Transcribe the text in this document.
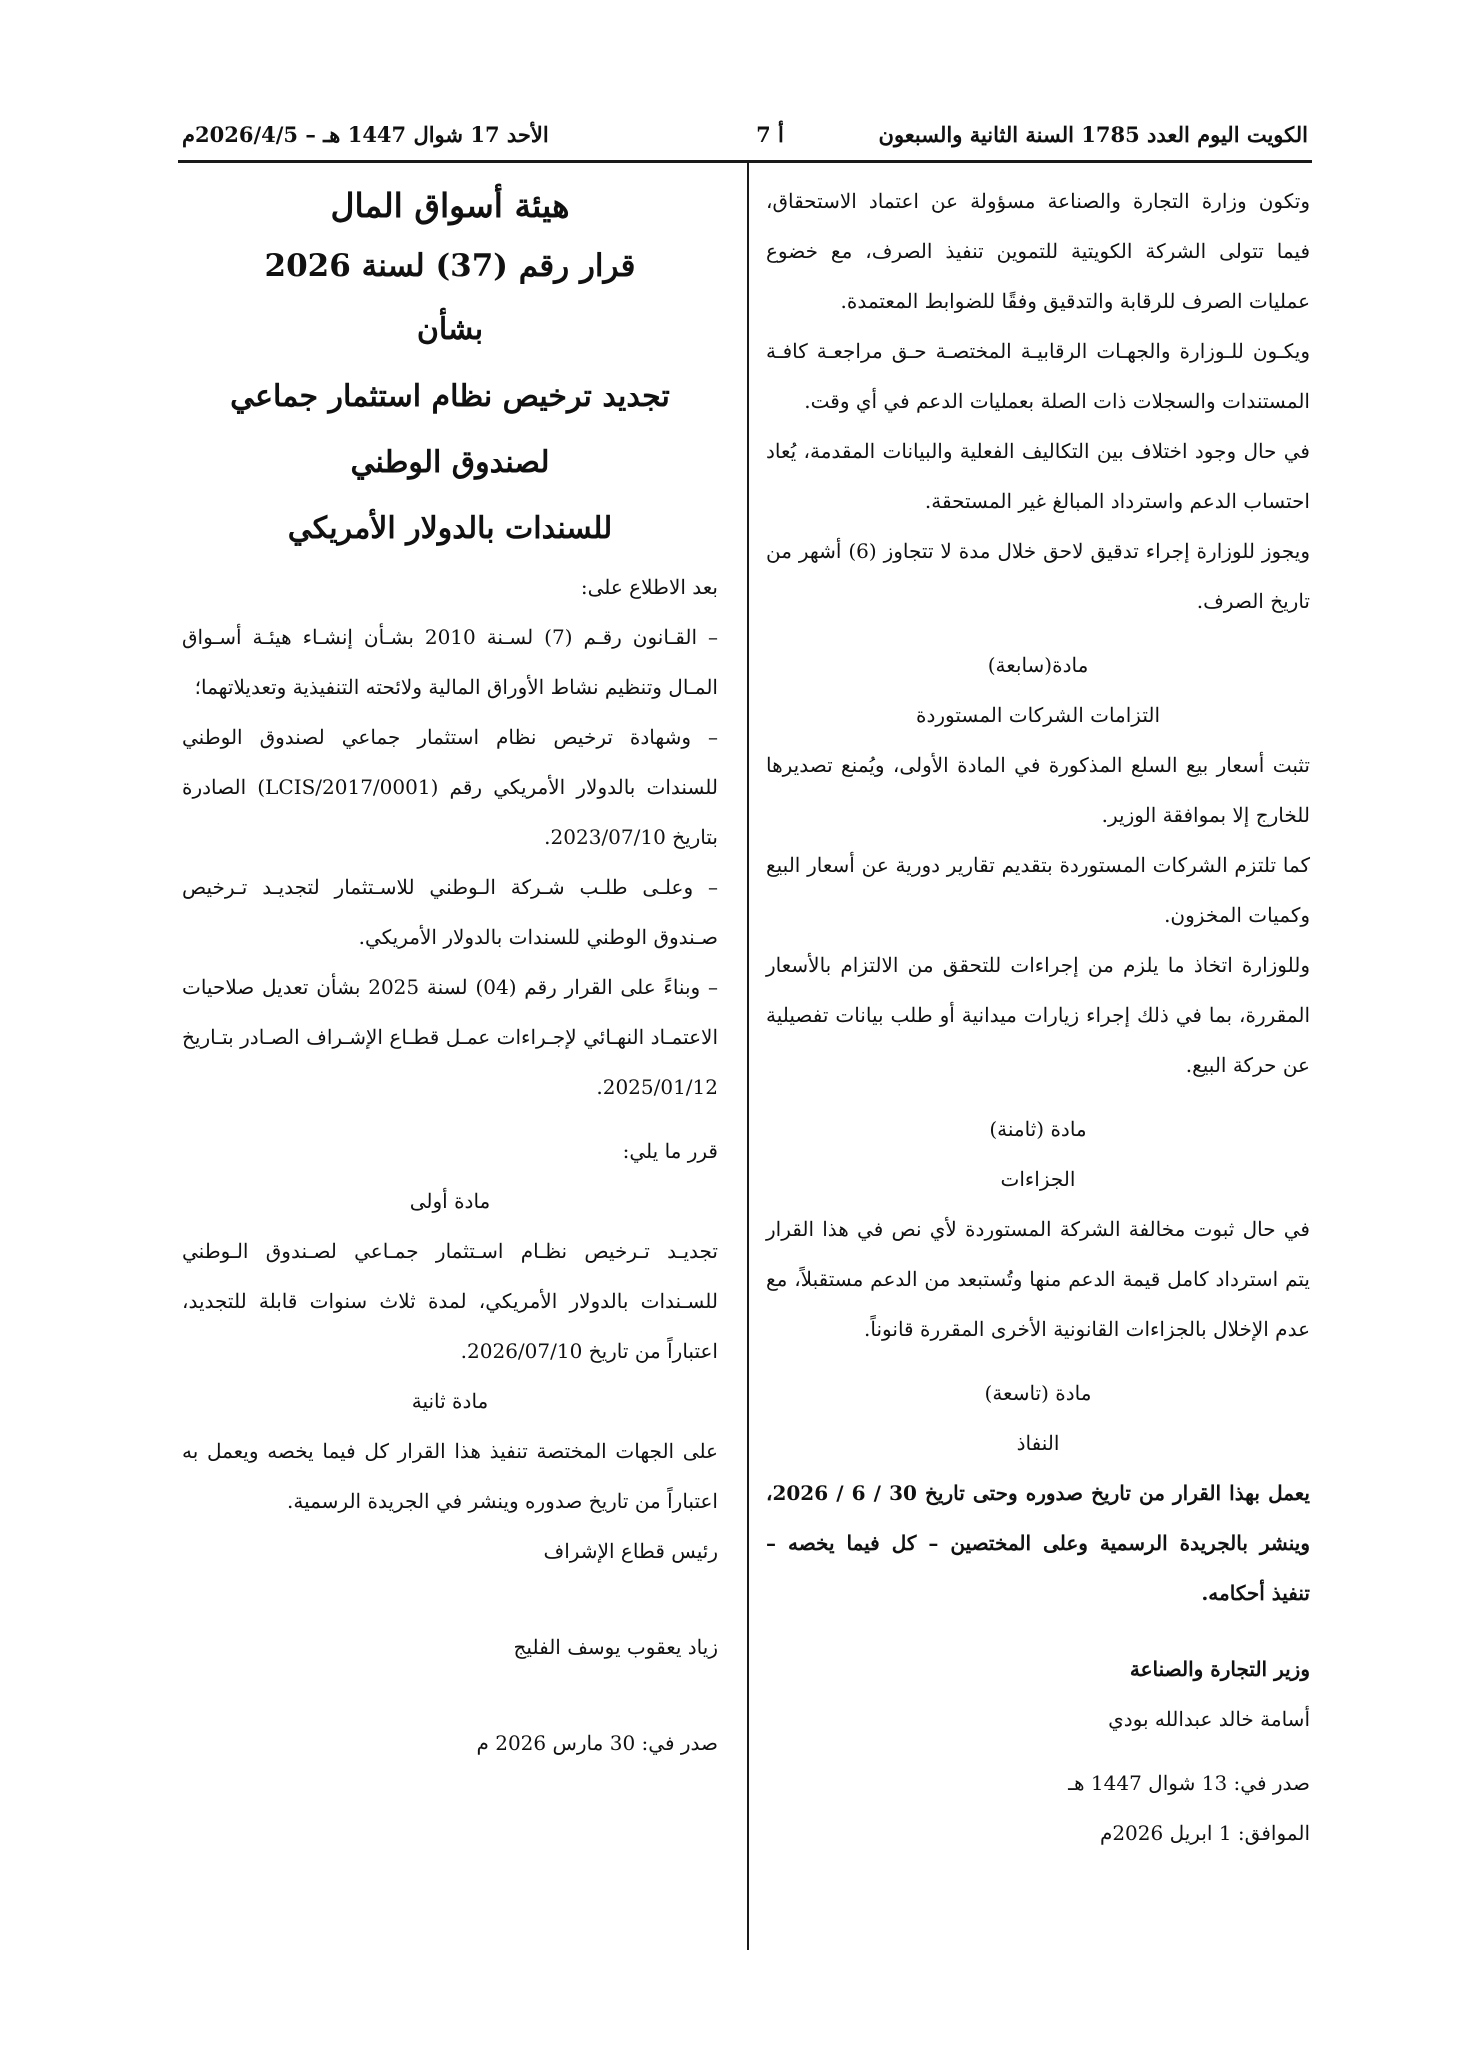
الكويت اليوم العدد 1785 السنة الثانية والسبعون
أ 7
الأحد 17 شوال 1447 هـ – 2026/4/5م

وتكون وزارة التجارة والصناعة مسؤولة عن اعتماد الاستحقاق، فيما تتولى الشركة الكويتية للتموين تنفيذ الصرف، مع خضوع عمليات الصرف للرقابة والتدقيق وفقًا للضوابط المعتمدة.

ويكـون للـوزارة والجهـات الرقابيـة المختصـة حـق مراجعـة كافـة المستندات والسجلات ذات الصلة بعمليات الدعم في أي وقت.

في حال وجود اختلاف بين التكاليف الفعلية والبيانات المقدمة، يُعاد احتساب الدعم واسترداد المبالغ غير المستحقة.

ويجوز للوزارة إجراء تدقيق لاحق خلال مدة لا تتجاوز (6) أشهر من تاريخ الصرف.

مادة(سابعة)

التزامات الشركات المستوردة

تثبت أسعار بيع السلع المذكورة في المادة الأولى، ويُمنع تصديرها للخارج إلا بموافقة الوزير.

كما تلتزم الشركات المستوردة بتقديم تقارير دورية عن أسعار البيع وكميات المخزون.

وللوزارة اتخاذ ما يلزم من إجراءات للتحقق من الالتزام بالأسعار المقررة، بما في ذلك إجراء زيارات ميدانية أو طلب بيانات تفصيلية عن حركة البيع.

مادة (ثامنة)

الجزاءات

في حال ثبوت مخالفة الشركة المستوردة لأي نص في هذا القرار يتم استرداد كامل قيمة الدعم منها وتُستبعد من الدعم مستقبلاً، مع عدم الإخلال بالجزاءات القانونية الأخرى المقررة قانوناً.

مادة (تاسعة)

النفاذ

يعمل بهذا القرار من تاريخ صدوره وحتى تاريخ 30 / 6 / 2026، وينشر بالجريدة الرسمية وعلى المختصين – كل فيما يخصه – تنفيذ أحكامه.

وزير التجارة والصناعة

أسامة خالد عبدالله بودي

صدر في: 13 شوال 1447 هـ

الموافق: 1 ابريل 2026م

هيئة أسواق المال
قرار رقم (37) لسنة 2026
بشأن
تجديد ترخيص نظام استثمار جماعي لصندوق الوطني
للسندات بالدولار الأمريكي

بعد الاطلاع على:

– القـانون رقـم (7) لسـنة 2010 بشـأن إنشـاء هيئـة أسـواق المـال وتنظيم نشاط الأوراق المالية ولائحته التنفيذية وتعديلاتهما؛

– وشهادة ترخيص نظام استثمار جماعي لصندوق الوطني للسندات بالدولار الأمريكي رقم (LCIS/2017/0001) الصادرة بتاريخ 2023/07/10.

– وعلـى طلـب شـركة الـوطني للاسـتثمار لتجديـد تـرخيص صـندوق الوطني للسندات بالدولار الأمريكي.

– وبناءً على القرار رقم (04) لسنة 2025 بشأن تعديل صلاحيات الاعتمـاد النهـائي لإجـراءات عمـل قطـاع الإشـراف الصـادر بتـاريخ 2025/01/12.

قرر ما يلي:

مادة أولى

تجديـد تـرخيص نظـام اسـتثمار جمـاعي لصـندوق الـوطني للسـندات بالدولار الأمريكي، لمدة ثلاث سنوات قابلة للتجديد، اعتباراً من تاريخ 2026/07/10.

مادة ثانية

على الجهات المختصة تنفيذ هذا القرار كل فيما يخصه ويعمل به اعتباراً من تاريخ صدوره وينشر في الجريدة الرسمية.

رئيس قطاع الإشراف

زياد يعقوب يوسف الفليج

صدر في: 30 مارس 2026 م
